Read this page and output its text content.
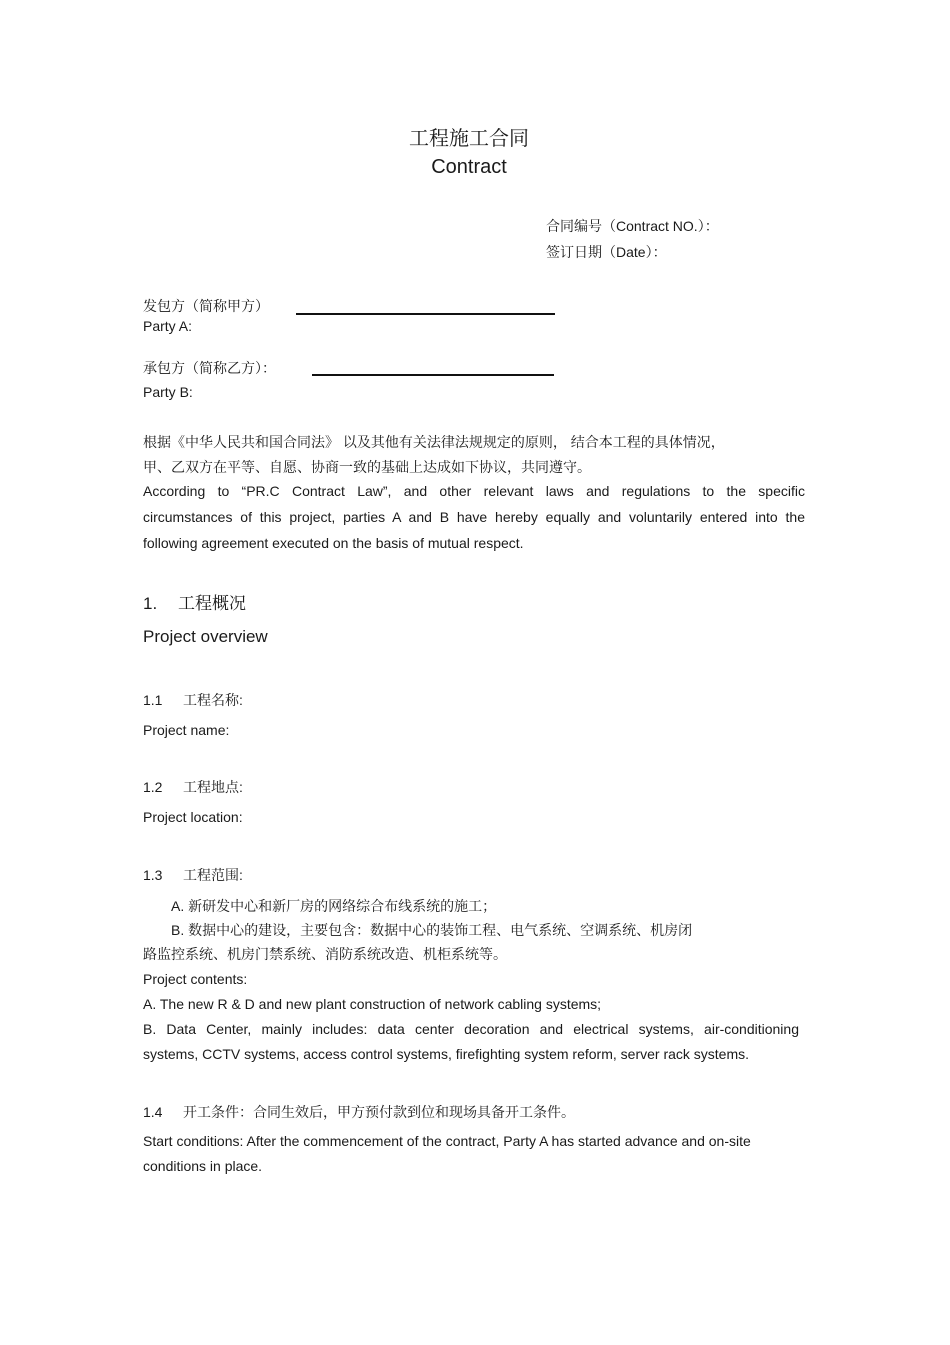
工程施工合同
Contract
合同编号（Contract NO.）：
签订日期（Date）：
发包方（简称甲方）
Party A:
承包方（简称乙方）：
Party B:
根据《中华人民共和国合同法》 以及其他有关法律法规规定的原则， 结合本工程的具体情况，
甲、乙双方在平等、自愿、协商一致的基础上达成如下协议，共同遵守。
According to “PR.C Contract Law”, and other relevant laws and regulations to the specific
circumstances of this project, parties A and B have hereby equally and voluntarily entered into the
following agreement executed on the basis of mutual respect.
1. 工程概况
Project overview
1.1 工程名称:
Project name:
1.2 工程地点:
Project location:
1.3 工程范围:
A. 新研发中心和新厂房的网络综合布线系统的施工；
B. 数据中心的建设，主要包含：数据中心的装饰工程、电气系统、空调系统、机房闭
路监控系统、机房门禁系统、消防系统改造、机柜系统等。
Project contents:
A. The new R & D and new plant construction of network cabling systems;
B. Data Center, mainly includes: data center decoration and electrical systems, air-conditioning
systems, CCTV systems, access control systems, firefighting system reform, server rack systems.
1.4 开工条件：合同生效后，甲方预付款到位和现场具备开工条件。
Start conditions: After the commencement of the contract, Party A has started advance and on-site
conditions in place.
